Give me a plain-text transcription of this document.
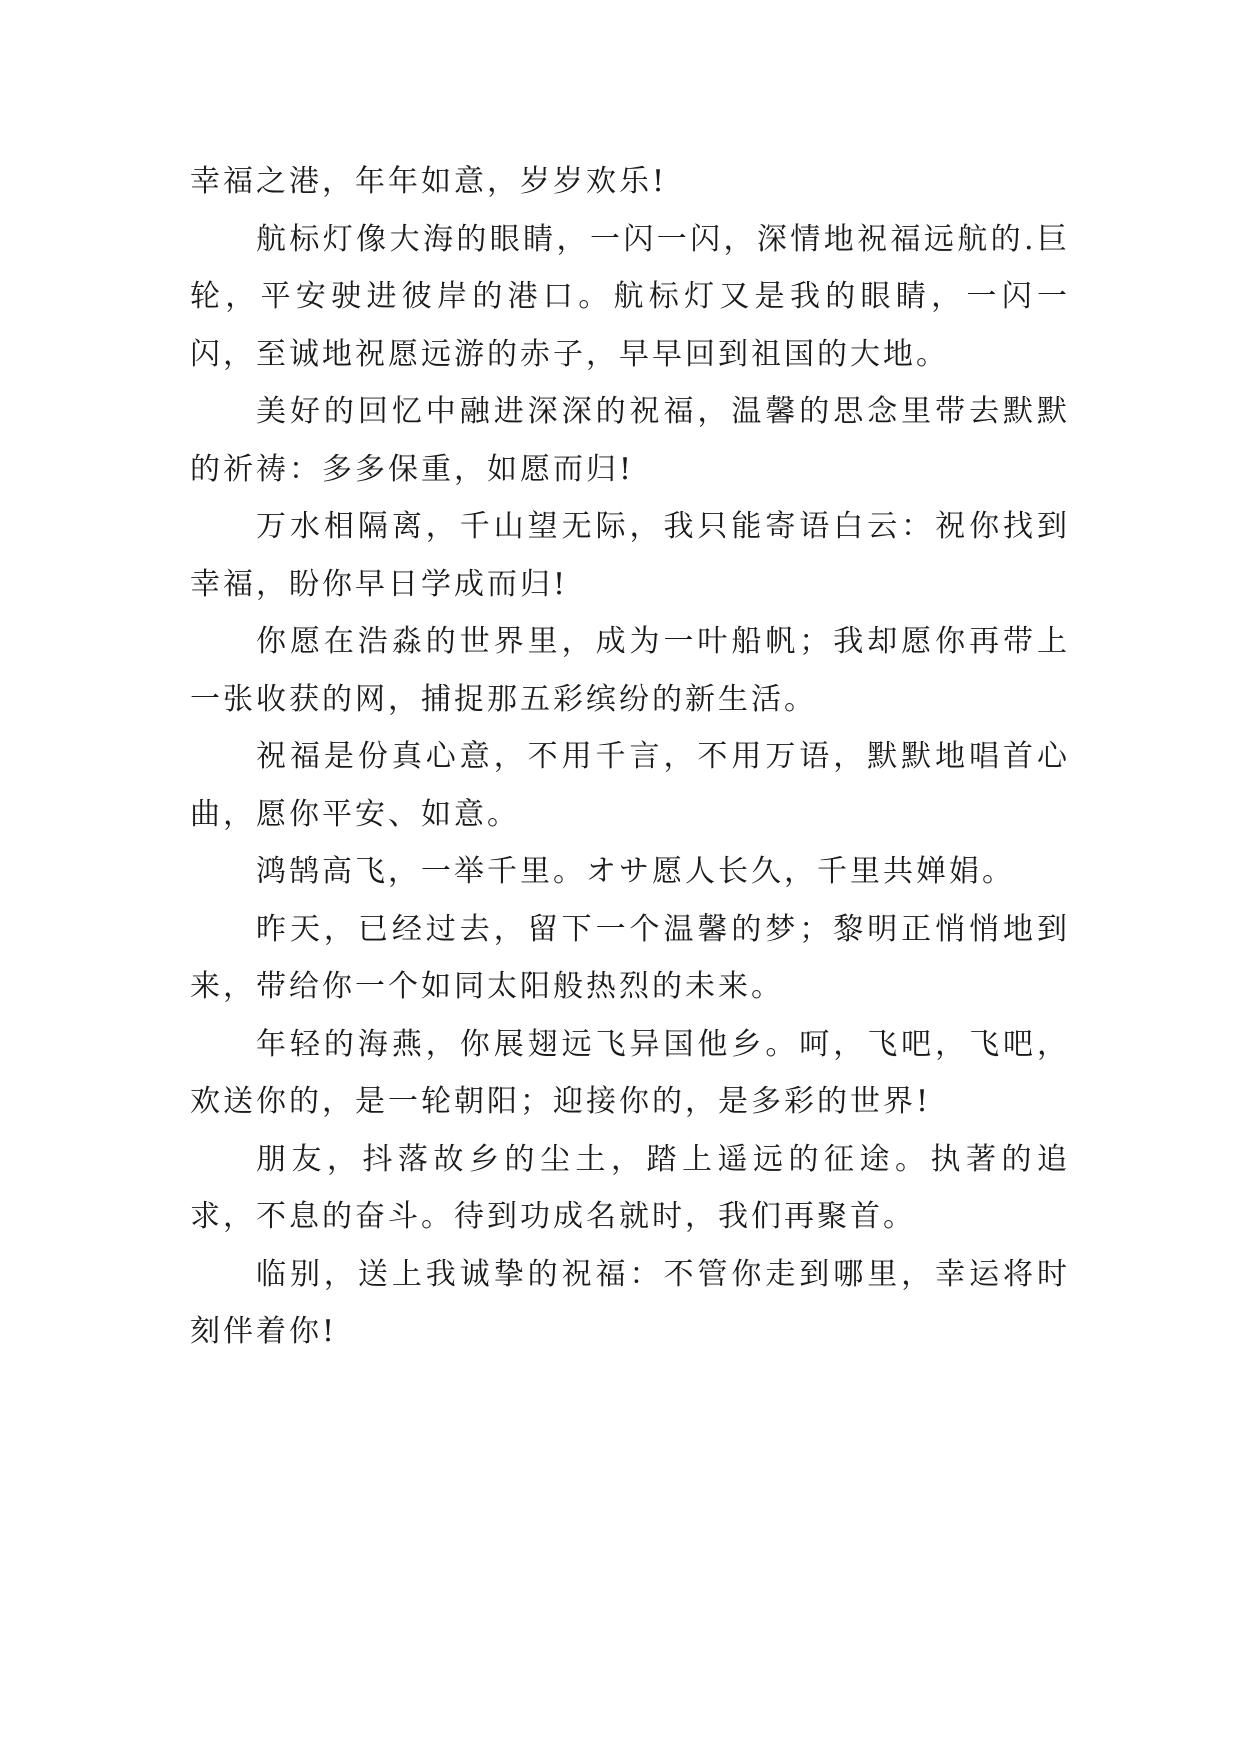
幸福之港，年年如意，岁岁欢乐!

航标灯像大海的眼睛，一闪一闪，深情地祝福远航的.巨轮，平安驶进彼岸的港口。航标灯又是我的眼睛，一闪一闪，至诚地祝愿远游的赤子，早早回到祖国的大地。

美好的回忆中融进深深的祝福，温馨的思念里带去默默的祈祷：多多保重，如愿而归!

万水相隔离，千山望无际，我只能寄语白云：祝你找到幸福，盼你早日学成而归!

你愿在浩淼的世界里，成为一叶船帆；我却愿你再带上一张收获的网，捕捉那五彩缤纷的新生活。

祝福是份真心意，不用千言，不用万语，默默地唱首心曲，愿你平安、如意。

鸿鹄高飞，一举千里。オサ愿人长久，千里共婵娟。

昨天，已经过去，留下一个温馨的梦；黎明正悄悄地到来，带给你一个如同太阳般热烈的未来。

年轻的海燕，你展翅远飞异国他乡。呵，飞吧，飞吧，欢送你的，是一轮朝阳；迎接你的，是多彩的世界!

朋友，抖落故乡的尘土，踏上遥远的征途。执著的追求，不息的奋斗。待到功成名就时，我们再聚首。

临别，送上我诚挚的祝福：不管你走到哪里，幸运将时刻伴着你!
